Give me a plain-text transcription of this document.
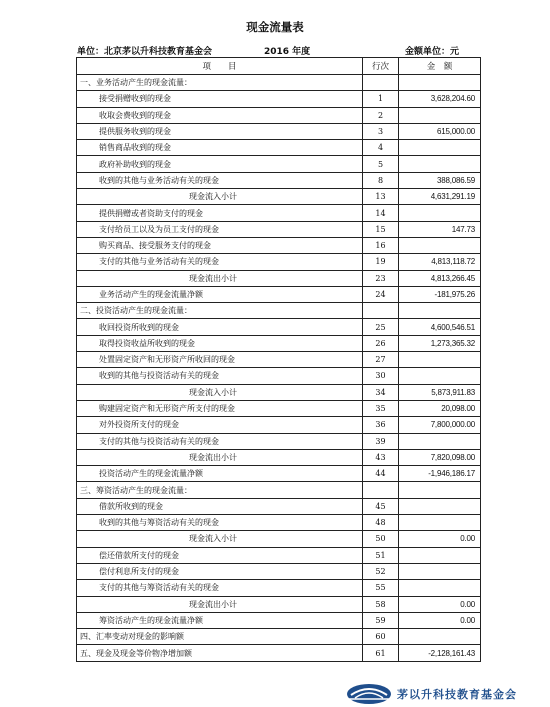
现金流量表
单位：北京茅以升科技教育基金会	2016 年度	金额单位：元
项　　目	行次	金　额
一、业务活动产生的现金流量：		
接受捐赠收到的现金	1	3,628,204.60
收取会费收到的现金	2	
提供服务收到的现金	3	615,000.00
销售商品收到的现金	4	
政府补助收到的现金	5	
收到的其他与业务活动有关的现金	8	388,086.59
现金流入小计	13	4,631,291.19
提供捐赠或者资助支付的现金	14	
支付给员工以及为员工支付的现金	15	147.73
购买商品、接受服务支付的现金	16	
支付的其他与业务活动有关的现金	19	4,813,118.72
现金流出小计	23	4,813,266.45
业务活动产生的现金流量净额	24	-181,975.26
二、投资活动产生的现金流量：		
收回投资所收到的现金	25	4,600,546.51
取得投资收益所收到的现金	26	1,273,365.32
处置固定资产和无形资产所收回的现金	27	
收到的其他与投资活动有关的现金	30	
现金流入小计	34	5,873,911.83
购建固定资产和无形资产所支付的现金	35	20,098.00
对外投资所支付的现金	36	7,800,000.00
支付的其他与投资活动有关的现金	39	
现金流出小计	43	7,820,098.00
投资活动产生的现金流量净额	44	-1,946,186.17
三、筹资活动产生的现金流量：		
借款所收到的现金	45	
收到的其他与筹资活动有关的现金	48	
现金流入小计	50	0.00
偿还借款所支付的现金	51	
偿付利息所支付的现金	52	
支付的其他与筹资活动有关的现金	55	
现金流出小计	58	0.00
筹资活动产生的现金流量净额	59	0.00
四、汇率变动对现金的影响额	60	
五、现金及现金等价物净增加额	61	-2,128,161.43
茅以升科技教育基金会
